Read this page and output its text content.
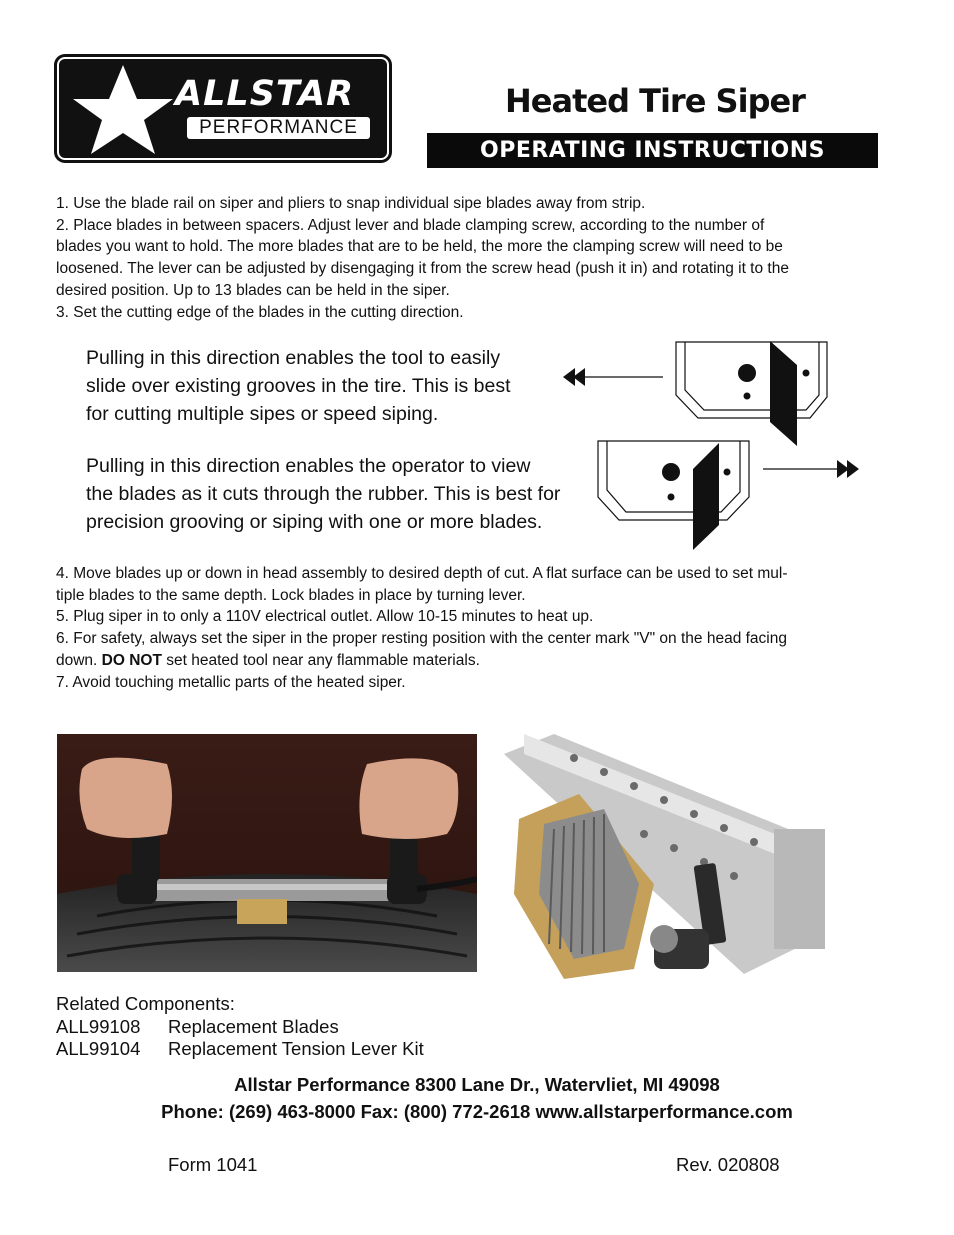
ALLSTAR
PERFORMANCE
Heated Tire Siper
OPERATING INSTRUCTIONS
1. Use the blade rail on siper and pliers to snap individual sipe blades away from strip.
2. Place blades in between spacers. Adjust lever and blade clamping screw, according to the number of
blades you want to hold. The more blades that are to be held, the more the clamping screw will need to be
loosened. The lever can be adjusted by disengaging it from the screw head (push it in) and rotating it to the
desired position. Up to 13 blades can be held in the siper.
3. Set the cutting edge of the blades in the cutting direction.
Pulling in this direction enables the tool to easily
slide over existing grooves in the tire. This is best
for cutting multiple sipes or speed siping.
Pulling in this direction enables the operator to view
the blades as it cuts through the rubber. This is best for
precision grooving or siping with one or more blades.
4. Move blades up or down in head assembly to desired depth of cut. A flat surface can be used to set mul-
tiple blades to the same depth. Lock blades in place by turning lever.
5. Plug siper in to only a 110V electrical outlet. Allow 10-15 minutes to heat up.
6. For safety, always set the siper in the proper resting position with the center mark "V" on the head facing
down. DO NOT set heated tool near any flammable materials.
7. Avoid touching metallic parts of the heated siper.
Related Components:
ALL99108	Replacement Blades
ALL99104	Replacement Tension Lever Kit
Allstar Performance 8300 Lane Dr., Watervliet, MI 49098
Phone: (269) 463-8000 Fax: (800) 772-2618 www.allstarperformance.com
Form 1041	Rev. 020808
